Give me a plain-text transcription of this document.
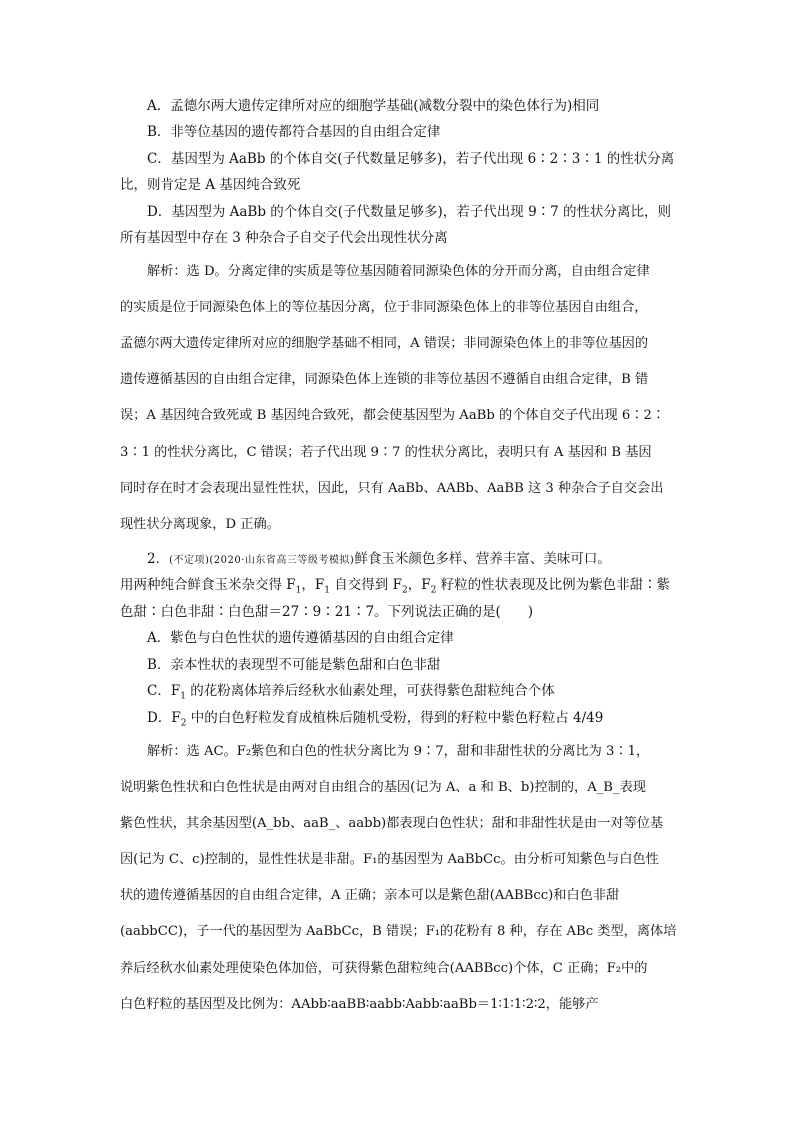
A．孟德尔两大遗传定律所对应的细胞学基础(减数分裂中的染色体行为)相同
B．非等位基因的遗传都符合基因的自由组合定律
C．基因型为 AaBb 的个体自交(子代数量足够多)，若子代出现 6∶2∶3∶1 的性状分离
比，则肯定是 A 基因纯合致死
D．基因型为 AaBb 的个体自交(子代数量足够多)，若子代出现 9∶7 的性状分离比，则
所有基因型中存在 3 种杂合子自交子代会出现性状分离
解析：选 D。分离定律的实质是等位基因随着同源染色体的分开而分离，自由组合定律
的实质是位于同源染色体上的等位基因分离，位于非同源染色体上的非等位基因自由组合，
孟德尔两大遗传定律所对应的细胞学基础不相同，A 错误；非同源染色体上的非等位基因的
遗传遵循基因的自由组合定律，同源染色体上连锁的非等位基因不遵循自由组合定律，B 错
误；A 基因纯合致死或 B 基因纯合致死，都会使基因型为 AaBb 的个体自交子代出现 6∶2∶
3∶1 的性状分离比，C 错误；若子代出现 9∶7 的性状分离比，表明只有 A 基因和 B 基因
同时存在时才会表现出显性性状，因此，只有 AaBb、AABb、AaBB 这 3 种杂合子自交会出
现性状分离现象，D 正确。
2．(不定项)(2020·山东省高三等级考模拟)鲜食玉米颜色多样、营养丰富、美味可口。
用两种纯合鲜食玉米杂交得 $F_1$，$F_1$ 自交得到 $F_2$，$F_2$ 籽粒的性状表现及比例为紫色非甜∶紫
色甜∶白色非甜∶白色甜＝27∶9∶21∶7。下列说法正确的是(　　)
A．紫色与白色性状的遗传遵循基因的自由组合定律
B．亲本性状的表现型不可能是紫色甜和白色非甜
C．$F_1$ 的花粉离体培养后经秋水仙素处理，可获得紫色甜粒纯合个体
D．$F_2$ 中的白色籽粒发育成植株后随机受粉，得到的籽粒中紫色籽粒占 4/49
解析：选 AC。F₂紫色和白色的性状分离比为 9∶7，甜和非甜性状的分离比为 3∶1，
说明紫色性状和白色性状是由两对自由组合的基因(记为 A、a 和 B、b)控制的，A_B_表现
紫色性状，其余基因型(A_bb、aaB_、aabb)都表现白色性状；甜和非甜性状是由一对等位基
因(记为 C、c)控制的，显性性状是非甜。F₁的基因型为 AaBbCc。由分析可知紫色与白色性
状的遗传遵循基因的自由组合定律，A 正确；亲本可以是紫色甜(AABBcc)和白色非甜
(aabbCC)，子一代的基因型为 AaBbCc，B 错误；F₁的花粉有 8 种，存在 ABc 类型，离体培
养后经秋水仙素处理使染色体加倍，可获得紫色甜粒纯合(AABBcc)个体，C 正确；F₂中的
白色籽粒的基因型及比例为：AAbb∶aaBB∶aabb∶Aabb∶aaBb＝1∶1∶1∶2∶2，能够产
